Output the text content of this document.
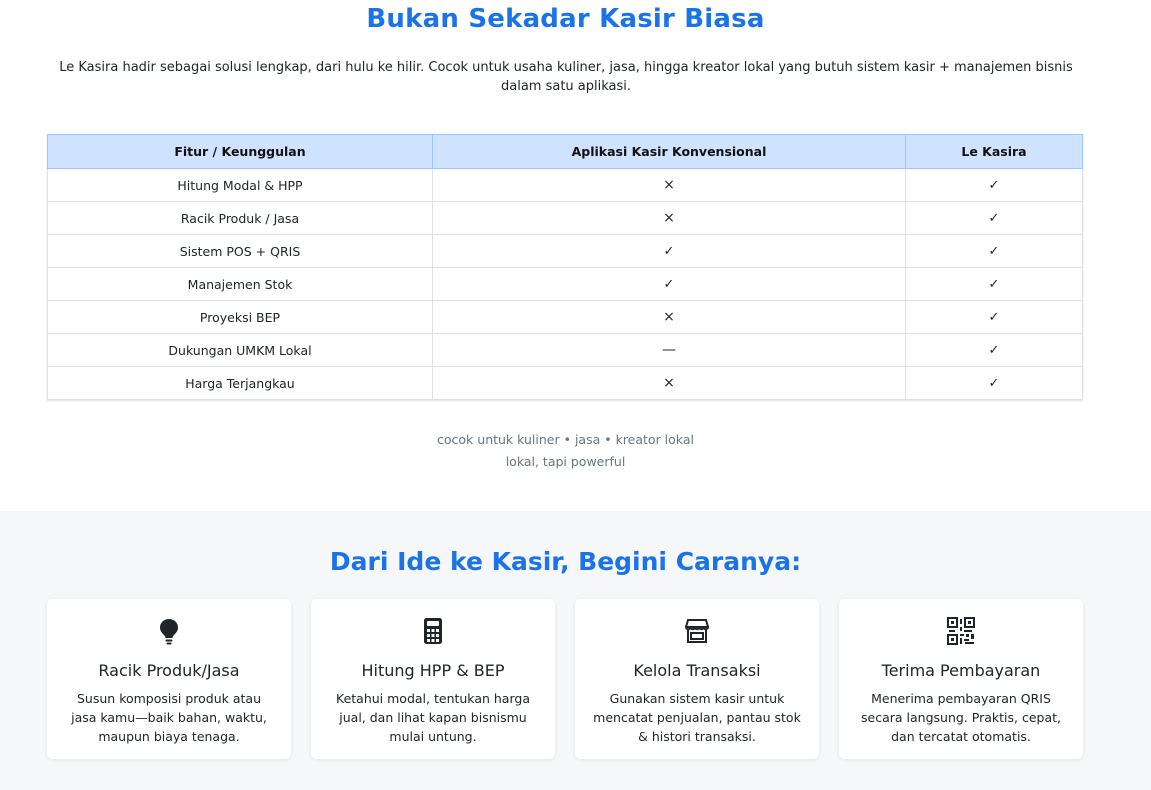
Bukan Sekadar Kasir Biasa

Le Kasira hadir sebagai solusi lengkap, dari hulu ke hilir. Cocok untuk usaha kuliner, jasa, hingga kreator lokal yang butuh sistem kasir + manajemen bisnis dalam satu aplikasi.

Fitur / Keunggulan	Aplikasi Kasir Konvensional	Le Kasira
Hitung Modal & HPP	×	✓
Racik Produk / Jasa	×	✓
Sistem POS + QRIS	✓	✓
Manajemen Stok	✓	✓
Proyeksi BEP	×	✓
Dukungan UMKM Lokal	—	✓
Harga Terjangkau	×	✓
cocok untuk kuliner • jasa • kreator lokal
lokal, tapi powerful
Dari Ide ke Kasir, Begini Caranya:
Racik Produk/Jasa
Susun komposisi produk atau jasa kamu—baik bahan, waktu, maupun biaya tenaga.
Hitung HPP & BEP
Ketahui modal, tentukan harga jual, dan lihat kapan bisnismu mulai untung.
Kelola Transaksi
Gunakan sistem kasir untuk mencatat penjualan, pantau stok & histori transaksi.
Terima Pembayaran
Menerima pembayaran QRIS secara langsung. Praktis, cepat, dan tercatat otomatis.
